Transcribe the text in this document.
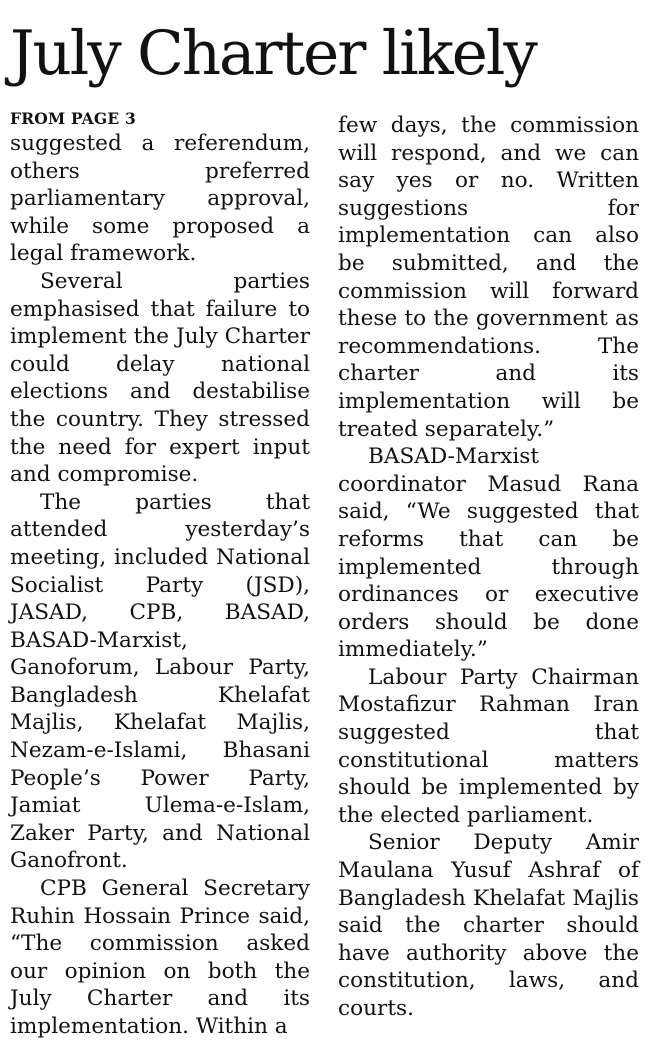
July Charter likely
FROM PAGE 3

suggested a referendum, others preferred parliamentary approval, while some proposed a legal framework.

Several parties emphasised that failure to implement the July Charter could delay national elections and destabilise the country. They stressed the need for expert input and compromise.

The parties that attended yesterday’s meeting, included National Socialist Party (JSD), JASAD, CPB, BASAD, BASAD-Marxist, Ganoforum, Labour Party, Bangladesh Khelafat Majlis, Khelafat Majlis, Nezam-e-Islami, Bhasani People’s Power Party, Jamiat Ulema-e-Islam, Zaker Party, and National Ganofront.

CPB General Secretary Ruhin Hossain Prince said, “The commission asked our opinion on both the July Charter and its implementation. Within a

few days, the commission will respond, and we can say yes or no. Written suggestions for implementation can also be submitted, and the commission will forward these to the government as recommendations. The charter and its implementation will be treated separately.”

BASAD-Marxist coordinator Masud Rana said, “We suggested that reforms that can be implemented through ordinances or executive orders should be done immediately.”

Labour Party Chairman Mostafizur Rahman Iran suggested that constitutional matters should be implemented by the elected parliament.

Senior Deputy Amir Maulana Yusuf Ashraf of Bangladesh Khelafat Majlis said the charter should have authority above the constitution, laws, and courts.
